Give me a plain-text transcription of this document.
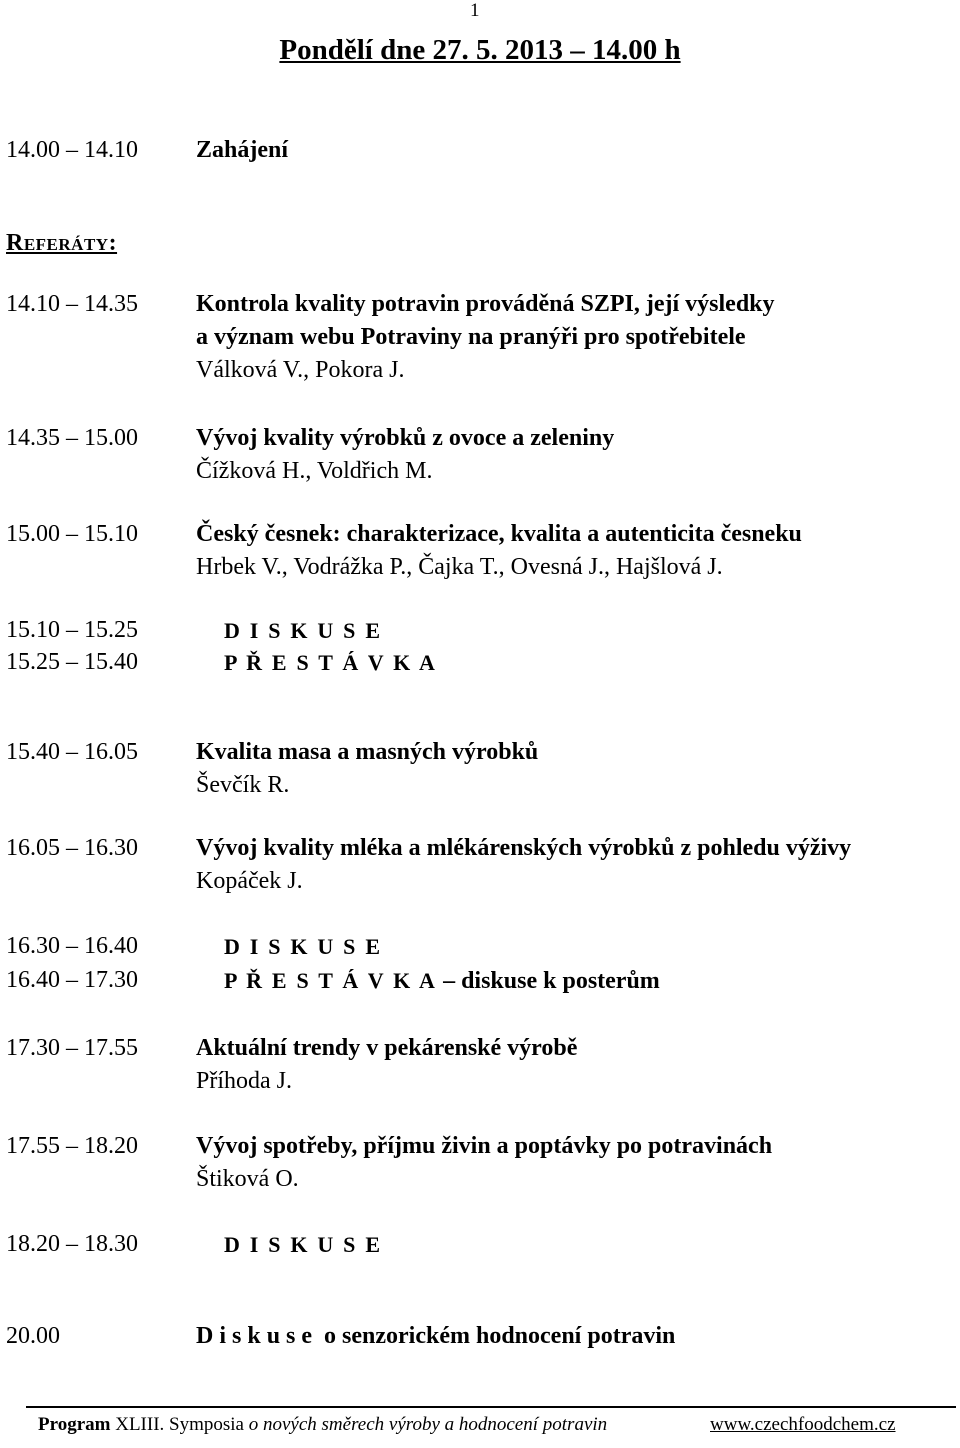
1
Pondělí dne 27. 5. 2013 – 14.00 h
14.00 – 14.10	Zahájení
Referáty:
14.10 – 14.35	Kontrola kvality potravin prováděná SZPI, její výsledky
a význam webu Potraviny na pranýři pro spotřebitele
Válková V., Pokora J.
14.35 – 15.00	Vývoj kvality výrobků z ovoce a zeleniny
Čížková H., Voldřich M.
15.00 – 15.10	Český česnek: charakterizace, kvalita a autenticita česneku
Hrbek V., Vodrážka P., Čajka T., Ovesná J., Hajšlová J.
15.10 – 15.25	D I S K U S E
15.25 – 15.40	P Ř E S T Á V K A
15.40 – 16.05	Kvalita masa a masných výrobků
Ševčík R.
16.05 – 16.30	Vývoj kvality mléka a mlékárenských výrobků z pohledu výživy
Kopáček J.
16.30 – 16.40	D I S K U S E
16.40 – 17.30	P Ř E S T Á V K A – diskuse k posterům
17.30 – 17.55	Aktuální trendy v pekárenské výrobě
Příhoda J.
17.55 – 18.20	Vývoj spotřeby, příjmu živin a poptávky po potravinách
Štiková O.
18.20 – 18.30	D I S K U S E
20.00	D i s k u s e  o senzorickém hodnocení potravin
Program XLIII. Symposia o nových směrech výroby a hodnocení potravin	www.czechfoodchem.cz
